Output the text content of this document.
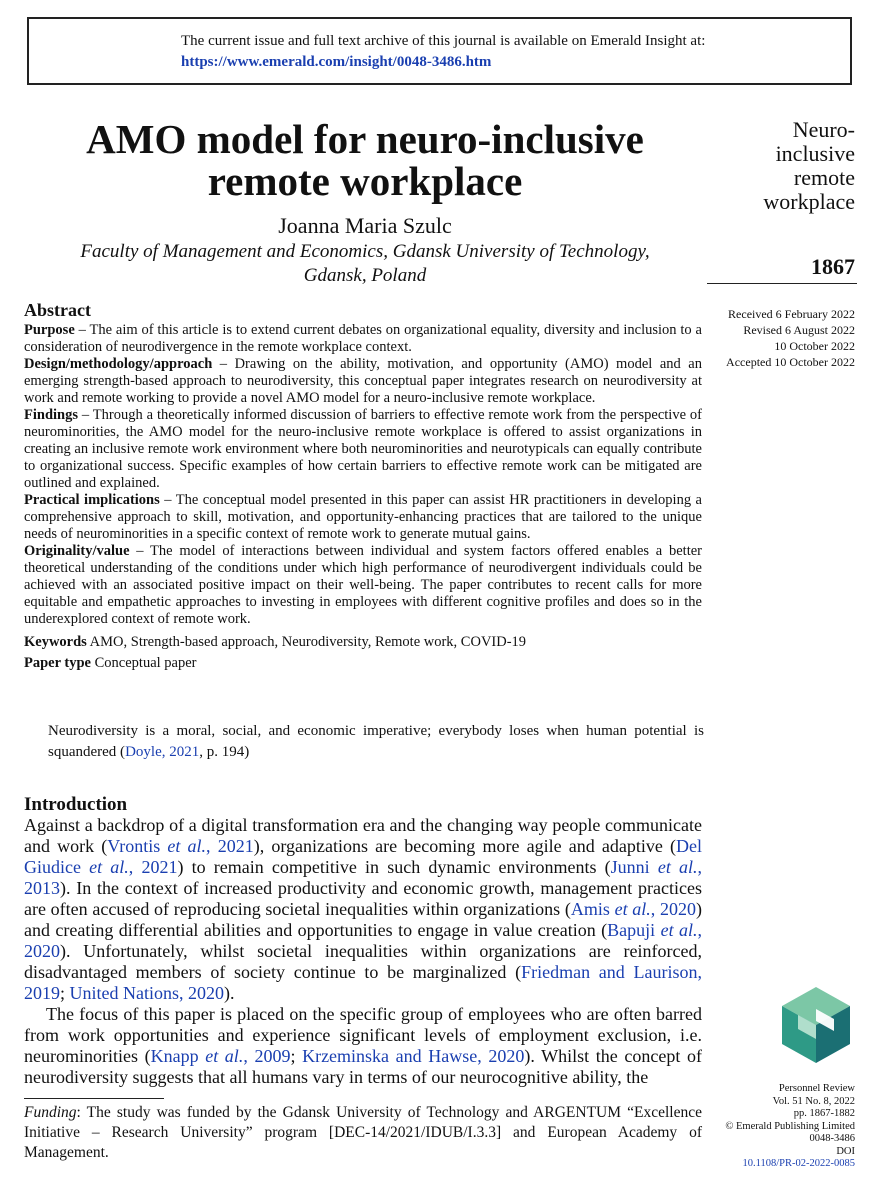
The current issue and full text archive of this journal is available on Emerald Insight at:
https://www.emerald.com/insight/0048-3486.htm
AMO model for neuro-inclusive
remote workplace
Joanna Maria Szulc
Faculty of Management and Economics, Gdansk University of Technology,
Gdansk, Poland
Neuro-
inclusive
remote
workplace
1867
Received 6 February 2022
Revised 6 August 2022
10 October 2022
Accepted 10 October 2022
Abstract

Purpose – The aim of this article is to extend current debates on organizational equality, diversity and inclusion to a consideration of neurodivergence in the remote workplace context.

Design/methodology/approach – Drawing on the ability, motivation, and opportunity (AMO) model and an emerging strength-based approach to neurodiversity, this conceptual paper integrates research on neurodiversity at work and remote working to provide a novel AMO model for a neuro-inclusive remote workplace.

Findings – Through a theoretically informed discussion of barriers to effective remote work from the perspective of neurominorities, the AMO model for the neuro-inclusive remote workplace is offered to assist organizations in creating an inclusive remote work environment where both neurominorities and neurotypicals can equally contribute to organizational success. Specific examples of how certain barriers to effective remote work can be mitigated are outlined and explained.

Practical implications – The conceptual model presented in this paper can assist HR practitioners in developing a comprehensive approach to skill, motivation, and opportunity-enhancing practices that are tailored to the unique needs of neurominorities in a specific context of remote work to generate mutual gains.

Originality/value – The model of interactions between individual and system factors offered enables a better theoretical understanding of the conditions under which high performance of neurodivergent individuals could be achieved with an associated positive impact on their well-being. The paper contributes to recent calls for more equitable and empathetic approaches to investing in employees with different cognitive profiles and does so in the underexplored context of remote work.

Keywords AMO, Strength-based approach, Neurodiversity, Remote work, COVID-19

Paper type Conceptual paper

Neurodiversity is a moral, social, and economic imperative; everybody loses when human potential is squandered (Doyle, 2021, p. 194)
Introduction

Against a backdrop of a digital transformation era and the changing way people communicate and work (Vrontis et al., 2021), organizations are becoming more agile and adaptive (Del Giudice et al., 2021) to remain competitive in such dynamic environments (Junni et al., 2013). In the context of increased productivity and economic growth, management practices are often accused of reproducing societal inequalities within organizations (Amis et al., 2020) and creating differential abilities and opportunities to engage in value creation (Bapuji et al., 2020). Unfortunately, whilst societal inequalities within organizations are reinforced, disadvantaged members of society continue to be marginalized (Friedman and Laurison, 2019; United Nations, 2020).

The focus of this paper is placed on the specific group of employees who are often barred from work opportunities and experience significant levels of employment exclusion, i.e. neurominorities (Knapp et al., 2009; Krzeminska and Hawse, 2020). Whilst the concept of neurodiversity suggests that all humans vary in terms of our neurocognitive ability, the

Funding: The study was funded by the Gdansk University of Technology and ARGENTUM “Excellence Initiative – Research University” program [DEC-14/2021/IDUB/I.3.3] and European Academy of Management.
Personnel Review
Vol. 51 No. 8, 2022
pp. 1867-1882
© Emerald Publishing Limited
0048-3486
DOI
10.1108/PR-02-2022-0085
